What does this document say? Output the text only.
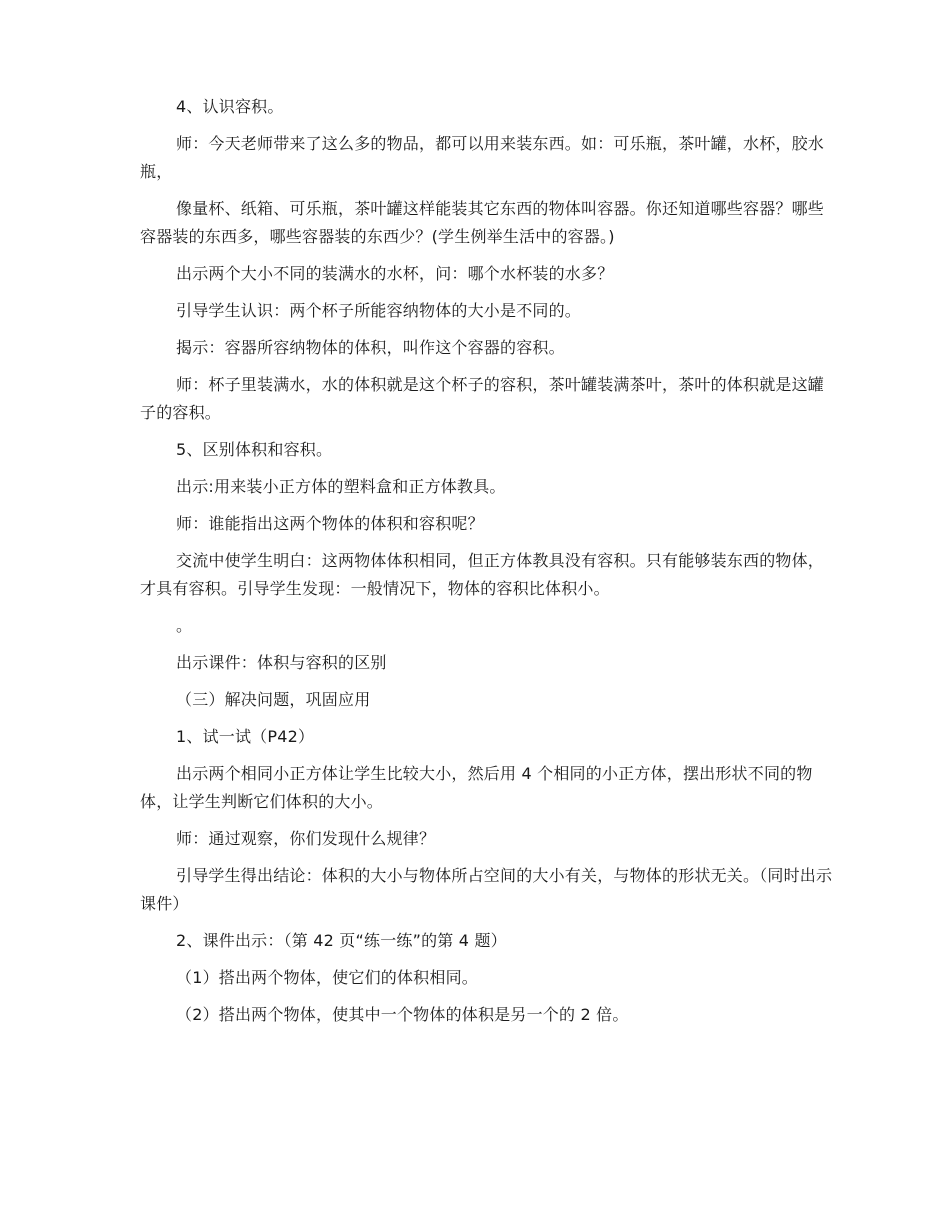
4、认识容积。

师：今天老师带来了这么多的物品，都可以用来装东西。如：可乐瓶，茶叶罐，水杯，胶水瓶，

像量杯、纸箱、可乐瓶，茶叶罐这样能装其它东西的物体叫容器。你还知道哪些容器？哪些容器装的东西多，哪些容器装的东西少？(学生例举生活中的容器。)

出示两个大小不同的装满水的水杯，问：哪个水杯装的水多？

引导学生认识：两个杯子所能容纳物体的大小是不同的。

揭示：容器所容纳物体的体积，叫作这个容器的容积。

师：杯子里装满水，水的体积就是这个杯子的容积，茶叶罐装满茶叶，茶叶的体积就是这罐子的容积。

5、区别体积和容积。

出示:用来装小正方体的塑料盒和正方体教具。

师：谁能指出这两个物体的体积和容积呢？

交流中使学生明白：这两物体体积相同，但正方体教具没有容积。只有能够装东西的物体，才具有容积。引导学生发现：一般情况下，物体的容积比体积小。

。

出示课件：体积与容积的区别

（三）解决问题，巩固应用

1、试一试（P42）

出示两个相同小正方体让学生比较大小，然后用 4 个相同的小正方体，摆出形状不同的物体，让学生判断它们体积的大小。

师：通过观察，你们发现什么规律？

引导学生得出结论：体积的大小与物体所占空间的大小有关，与物体的形状无关。（同时出示课件）

2、课件出示：（第 42 页“练一练”的第 4 题）

（1）搭出两个物体，使它们的体积相同。

（2）搭出两个物体，使其中一个物体的体积是另一个的 2 倍。
